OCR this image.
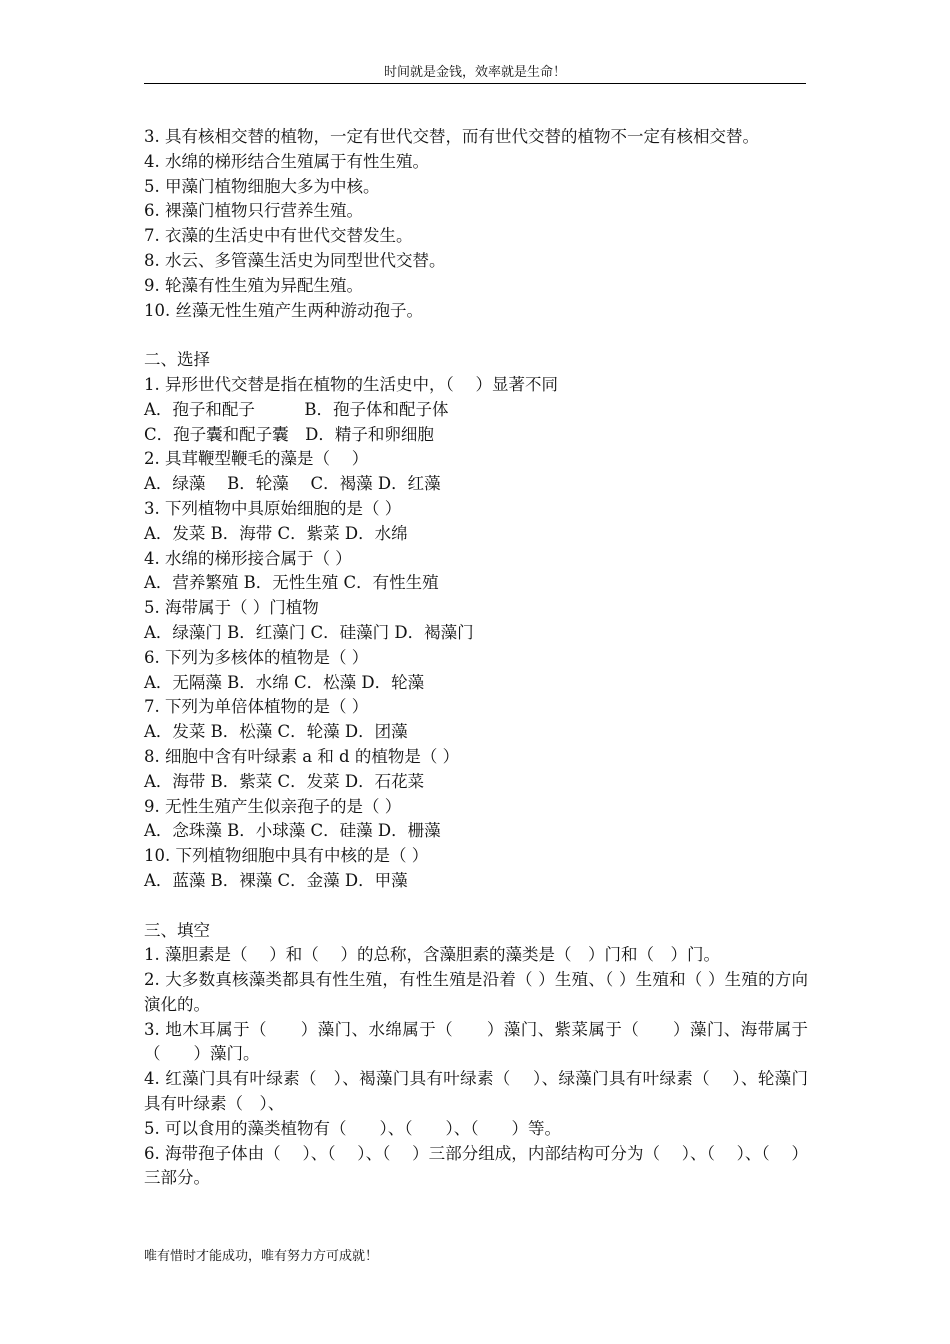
时间就是金钱，效率就是生命！

3. 具有核相交替的植物，一定有世代交替，而有世代交替的植物不一定有核相交替。

4. 水绵的梯形结合生殖属于有性生殖。

5. 甲藻门植物细胞大多为中核。

6. 裸藻门植物只行营养生殖。

7. 衣藻的生活史中有世代交替发生。

8. 水云、多管藻生活史为同型世代交替。

9. 轮藻有性生殖为异配生殖。

10. 丝藻无性生殖产生两种游动孢子。

二、选择

1. 异形世代交替是指在植物的生活史中，（　 ）显著不同

A．孢子和配子　　　B．孢子体和配子体

C．孢子囊和配子囊　D．精子和卵细胞

2. 具茸鞭型鞭毛的藻是（　 ）

A．绿藻　 B．轮藻　 C．褐藻 D．红藻

3. 下列植物中具原始细胞的是（ ）

A．发菜 B．海带 C．紫菜 D．水绵

4. 水绵的梯形接合属于（ ）

A．营养繁殖 B．无性生殖 C．有性生殖

5. 海带属于（ ）门植物

A．绿藻门 B．红藻门 C．硅藻门 D．褐藻门

6. 下列为多核体的植物是（ ）

A．无隔藻 B．水绵 C．松藻 D．轮藻

7. 下列为单倍体植物的是（ ）

A．发菜 B．松藻 C．轮藻 D．团藻

8. 细胞中含有叶绿素 a 和 d 的植物是（ ）

A．海带 B．紫菜 C．发菜 D．石花菜

9. 无性生殖产生似亲孢子的是（ ）

A．念珠藻 B．小球藻 C．硅藻 D．栅藻

10. 下列植物细胞中具有中核的是（ ）

A．蓝藻 B．裸藻 C．金藻 D．甲藻

三、填空

1. 藻胆素是（　 ）和（　 ）的总称，含藻胆素的藻类是（　）门和（　）门。

2. 大多数真核藻类都具有性生殖，有性生殖是沿着（ ）生殖、（ ）生殖和（ ）生殖的方向演化的。

3. 地木耳属于（　　）藻门、水绵属于（　　）藻门、紫菜属于（　　）藻门、海带属于（　　）藻门。

4. 红藻门具有叶绿素（　）、褐藻门具有叶绿素（　 ）、绿藻门具有叶绿素（　 ）、轮藻门具有叶绿素（　）、

5. 可以食用的藻类植物有（　　）、（　　）、（　　）等。

6. 海带孢子体由（　 ）、（　 ）、（　 ）三部分组成，内部结构可分为（　 ）、（　 ）、（　 ）三部分。

唯有惜时才能成功，唯有努力方可成就！
